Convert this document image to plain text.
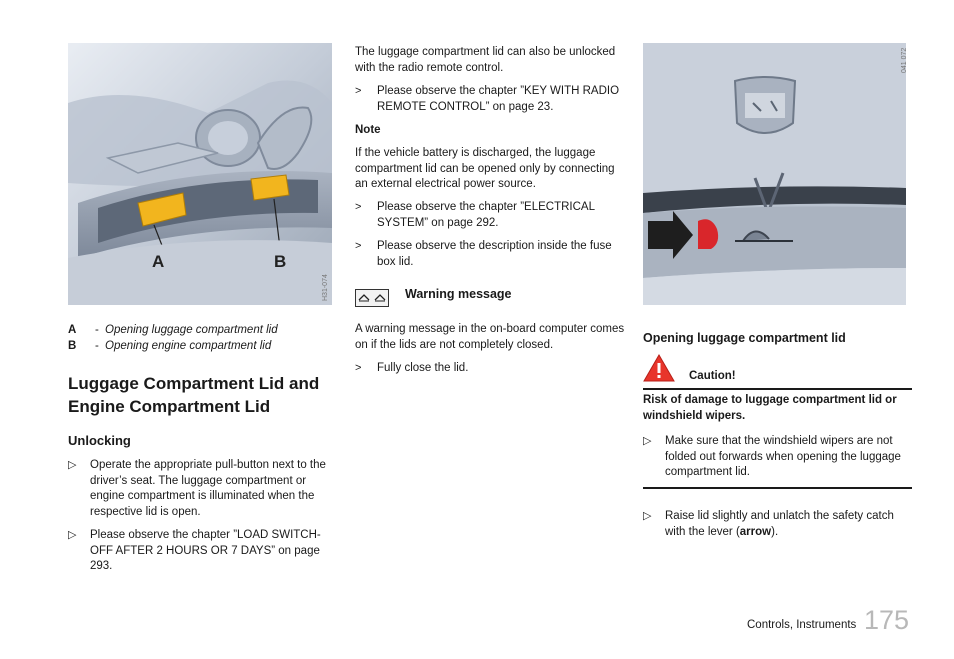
A	B
H31-074
A	- Opening luggage compartment lid
B	- Opening engine compartment lid
Luggage Compartment Lid and
Engine Compartment Lid
Unlocking
▷	Operate the appropriate pull-button next to the driver’s seat. The luggage compartment or engine compartment is illuminated when the respective lid is open.
▷	Please observe the chapter ”LOAD SWITCH-OFF AFTER 2 HOURS OR 7 DAYS” on page 293.
The luggage compartment lid can also be unlocked with the radio remote control.
>	Please observe the chapter ”KEY WITH RADIO REMOTE CONTROL” on page 23.
Note
If the vehicle battery is discharged, the luggage compartment lid can be opened only by connecting an external electrical power source.
>	Please observe the chapter ”ELECTRICAL SYSTEM” on page 292.
>	Please observe the description inside the fuse box lid.
Warning message
A warning message in the on-board computer comes on if the lids are not completely closed.
>	Fully close the lid.
041 072
Opening luggage compartment lid
Caution!
Risk of damage to luggage compartment lid or windshield wipers.
▷	Make sure that the windshield wipers are not folded out forwards when opening the luggage compartment lid.
▷	Raise lid slightly and unlatch the safety catch with the lever (arrow).
Controls, Instruments 175
